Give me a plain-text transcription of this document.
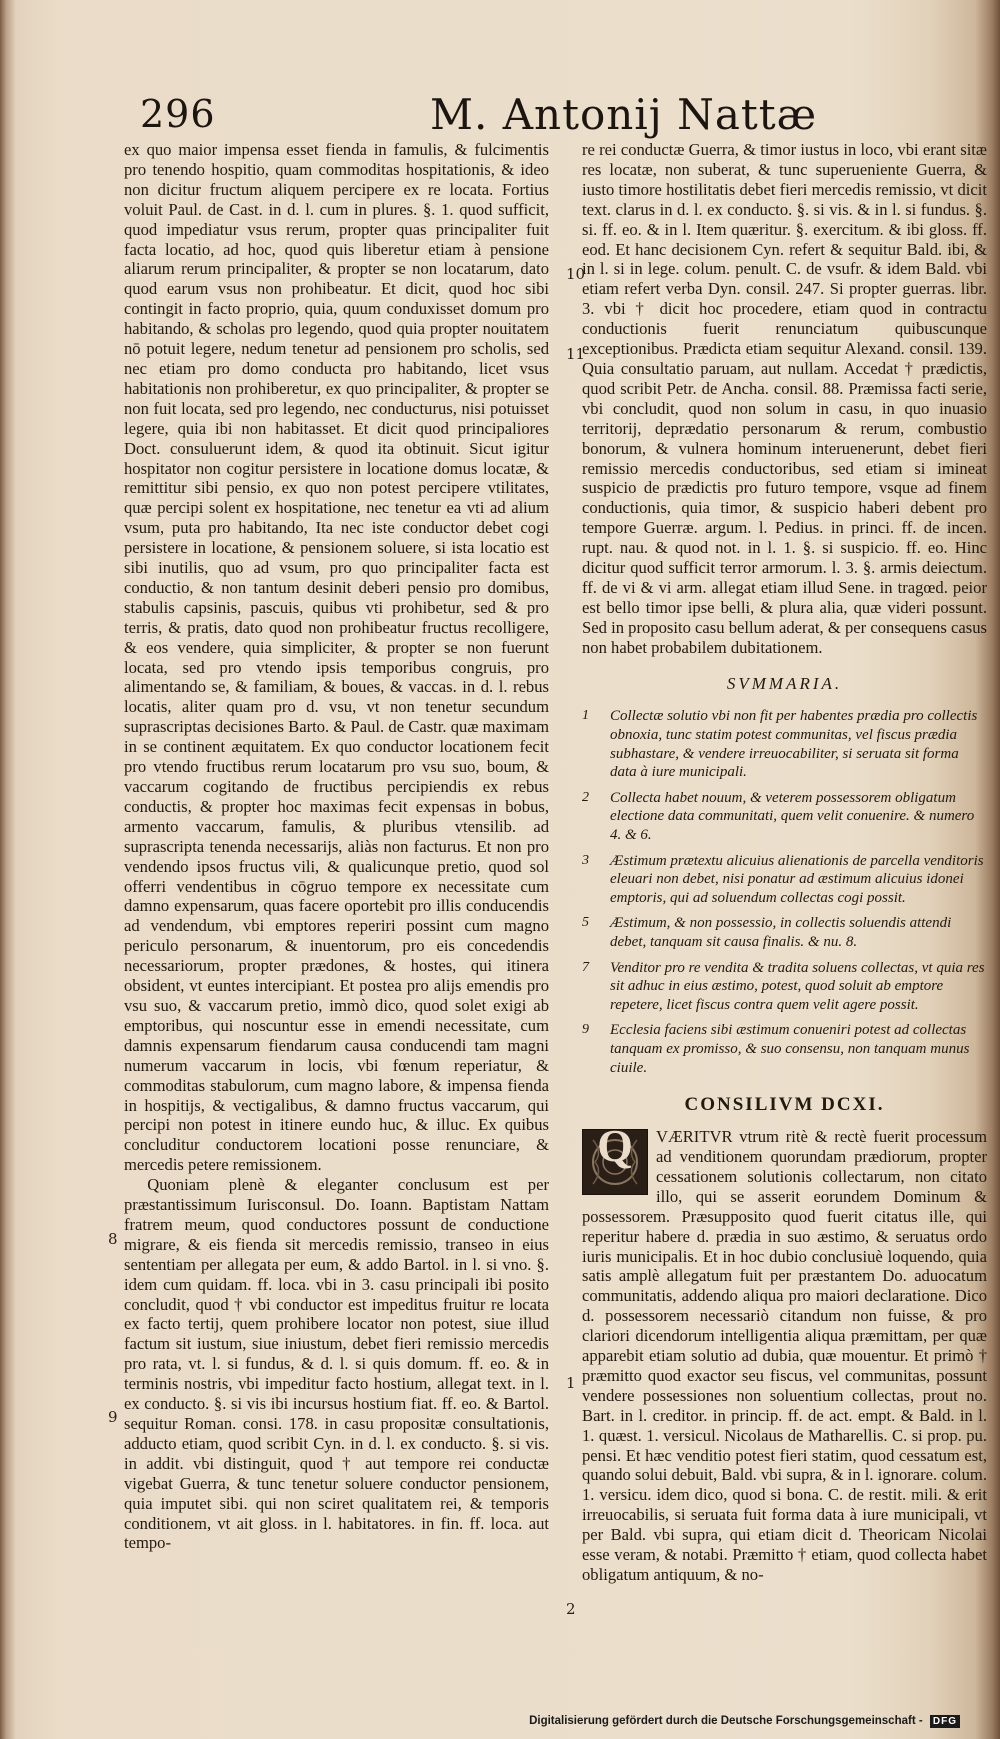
296	M. Antonij Nattæ

ex quo maior impensa esset fienda in famulis, & fulcimentis pro tenendo hospitio, quam commoditas hospitationis, & ideo non dicitur fructum aliquem percipere ex re locata. Fortius voluit Paul. de Cast. in d. l. cum in plures. §. 1. quod sufficit, quod impediatur vsus rerum, propter quas principaliter fuit facta locatio, ad hoc, quod quis liberetur etiam à pensione aliarum rerum principaliter, & propter se non locatarum, dato quod earum vsus non prohibeatur. Et dicit, quod hoc sibi contingit in facto proprio, quia, quum conduxisset domum pro habitando, & scholas pro legendo, quod quia propter nouitatem nō potuit legere, nedum tenetur ad pensionem pro scholis, sed nec etiam pro domo conducta pro habitando, licet vsus habitationis non prohiberetur, ex quo principaliter, & propter se non fuit locata, sed pro legendo, nec conducturus, nisi potuisset legere, quia ibi non habitasset. Et dicit quod principaliores Doct. consuluerunt idem, & quod ita obtinuit. Sicut igitur hospitator non cogitur persistere in locatione domus locatæ, & remittitur sibi pensio, ex quo non potest percipere vtilitates, quæ percipi solent ex hospitatione, nec tenetur ea vti ad alium vsum, puta pro habitando, Ita nec iste conductor debet cogi persistere in locatione, & pensionem soluere, si ista locatio est sibi inutilis, quo ad vsum, pro quo principaliter facta est conductio, & non tantum desinit deberi pensio pro domibus, stabulis capsinis, pascuis, quibus vti prohibetur, sed & pro terris, & pratis, dato quod non prohibeatur fructus recolligere, & eos vendere, quia simpliciter, & propter se non fuerunt locata, sed pro vtendo ipsis temporibus congruis, pro alimentando se, & familiam, & boues, & vaccas. in d. l. rebus locatis, aliter quam pro d. vsu, vt non tenetur secundum suprascriptas decisiones Barto. & Paul. de Castr. quæ maximam in se continent æquitatem. Ex quo conductor locationem fecit pro vtendo fructibus rerum locatarum pro vsu suo, boum, & vaccarum cogitando de fructibus percipiendis ex rebus conductis, & propter hoc maximas fecit expensas in bobus, armento vaccarum, famulis, & pluribus vtensilib. ad suprascripta tenenda necessarijs, aliàs non facturus. Et non pro vendendo ipsos fructus vili, & qualicunque pretio, quod sol offerri vendentibus in cōgruo tempore ex necessitate cum damno expensarum, quas facere oportebit pro illis conducendis ad vendendum, vbi emptores reperiri possint cum magno periculo personarum, & inuentorum, pro eis concedendis necessariorum, propter prædones, & hostes, qui itinera obsident, vt euntes intercipiant. Et postea pro alijs emendis pro vsu suo, & vaccarum pretio, immò dico, quod solet exigi ab emptoribus, qui noscuntur esse in emendi necessitate, cum damnis expensarum fiendarum causa conducendi tam magni numerum vaccarum in locis, vbi fœnum reperiatur, & commoditas stabulorum, cum magno labore, & impensa fienda in hospitijs, & vectigalibus, & damno fructus vaccarum, qui percipi non potest in itinere eundo huc, & illuc. Ex quibus concluditur conductorem locationi posse renunciare, & mercedis petere remissionem.

Quoniam plenè & eleganter conclusum est per præstantissimum Iurisconsul. Do. Ioann. Baptistam Nattam fratrem meum, quod conductores possunt de conductione migrare, & eis fienda sit mercedis remissio, transeo in eius sententiam per allegata per eum, & addo Bartol. in l. si vno. §. idem cum quidam. ff. loca. vbi in 3. casu principali ibi posito concludit, quod † vbi conductor est impeditus fruitur re locata ex facto tertij, quem prohibere locator non potest, siue illud factum sit iustum, siue iniustum, debet fieri remissio mercedis pro rata, vt. l. si fundus, & d. l. si quis domum. ff. eo. & in terminis nostris, vbi impeditur facto hostium, allegat text. in l. ex conducto. §. si vis ibi incursus hostium fiat. ff. eo. & Bartol. sequitur Roman. consi. 178. in casu propositæ consultationis, adducto etiam, quod scribit Cyn. in d. l. ex conducto. §. si vis. in addit. vbi distinguit, quod † aut tempore rei conductæ vigebat Guerra, & tunc tenetur soluere conductor pensionem, quia imputet sibi. qui non sciret qualitatem rei, & temporis conditionem, vt ait gloss. in l. habitatores. in fin. ff. loca. aut tempo-

8
9

re rei conductæ Guerra, & timor iustus in loco, vbi erant sitæ res locatæ, non suberat, & tunc superueniente Guerra, & iusto timore hostilitatis debet fieri mercedis remissio, vt dicit text. clarus in d. l. ex conducto. §. si vis. & in l. si fundus. §. si. ff. eo. & in l. Item quæritur. §. exercitum. & ibi gloss. ff. eod. Et hanc decisionem Cyn. refert & sequitur Bald. ibi, & in l. si in lege. colum. penult. C. de vsufr. & idem Bald. vbi etiam refert verba Dyn. consil. 247. Si propter guerras. libr. 3. vbi † dicit hoc procedere, etiam quod in contractu conductionis fuerit renunciatum quibuscunque exceptionibus. Prædicta etiam sequitur Alexand. consil. 139. Quia consultatio paruam, aut nullam. Accedat † prædictis, quod scribit Petr. de Ancha. consil. 88. Præmissa facti serie, vbi concludit, quod non solum in casu, in quo inuasio territorij, deprædatio personarum & rerum, combustio bonorum, & vulnera hominum interuenerunt, debet fieri remissio mercedis conductoribus, sed etiam si imineat suspicio de prædictis pro futuro tempore, vsque ad finem conductionis, quia timor, & suspicio haberi debent pro tempore Guerræ. argum. l. Pedius. in princi. ff. de incen. rupt. nau. & quod not. in l. 1. §. si suspicio. ff. eo. Hinc dicitur quod sufficit terror armorum. l. 3. §. armis deiectum. ff. de vi & vi arm. allegat etiam illud Sene. in tragœd. peior est bello timor ipse belli, & plura alia, quæ videri possunt. Sed in proposito casu bellum aderat, & per consequens casus non habet probabilem dubitationem.

SVMMARIA.
1 Collectæ solutio vbi non fit per habentes prædia pro collectis obnoxia, tunc statim potest communitas, vel fiscus prædia subhastare, & vendere irreuocabiliter, si seruata sit forma data à iure municipali.
2 Collecta habet nouum, & veterem possessorem obligatum electione data communitati, quem velit conuenire. & numero 4. & 6.
3 Æstimum prætextu alicuius alienationis de parcella venditoris eleuari non debet, nisi ponatur ad æstimum alicuius idonei emptoris, qui ad soluendum collectas cogi possit.
5 Æstimum, & non possessio, in collectis soluendis attendi debet, tanquam sit causa finalis. & nu. 8.
7 Venditor pro re vendita & tradita soluens collectas, vt quia res sit adhuc in eius æstimo, potest, quod soluit ab emptore repetere, licet fiscus contra quem velit agere possit.
9 Ecclesia faciens sibi æstimum conueniri potest ad collectas tanquam ex promisso, & suo consensu, non tanquam munus ciuile.
CONSILIVM DCXI.
Q	VÆRITVR vtrum ritè & rectè fuerit processum ad venditionem quorundam prædiorum, propter cessationem solutionis collectarum, non citato illo, qui se asserit eorundem Dominum & possessorem. Præsupposito quod fuerit citatus ille, qui reperitur habere d. prædia in suo æstimo, & seruatus ordo iuris municipalis. Et in hoc dubio conclusiuè loquendo, quia satis amplè allegatum fuit per præstantem Do. aduocatum communitatis, addendo aliqua pro maiori declaratione. Dico d. possessorem necessariò citandum non fuisse, & pro clariori dicendorum intelligentia aliqua præmittam, per quæ apparebit etiam solutio ad dubia, quæ mouentur. Et primò † præmitto quod exactor seu fiscus, vel communitas, possunt vendere possessiones non soluentium collectas, prout no. Bart. in l. creditor. in princip. ff. de act. empt. & Bald. in l. 1. quæst. 1. versicul. Nicolaus de Matharellis. C. si prop. pu. pensi. Et hæc venditio potest fieri statim, quod cessatum est, quando solui debuit, Bald. vbi supra, & in l. ignorare. colum. 1. versicu. idem dico, quod si bona. C. de restit. mili. & erit irreuocabilis, si seruata fuit forma data à iure municipali, vt per Bald. vbi supra, qui etiam dicit d. Theoricam Nicolai esse veram, & notabi. Præmitto † etiam, quod collecta habet obligatum antiquum, & no-

10
11
1
2
Digitalisierung gefördert durch die Deutsche Forschungsgemeinschaft - DFG
